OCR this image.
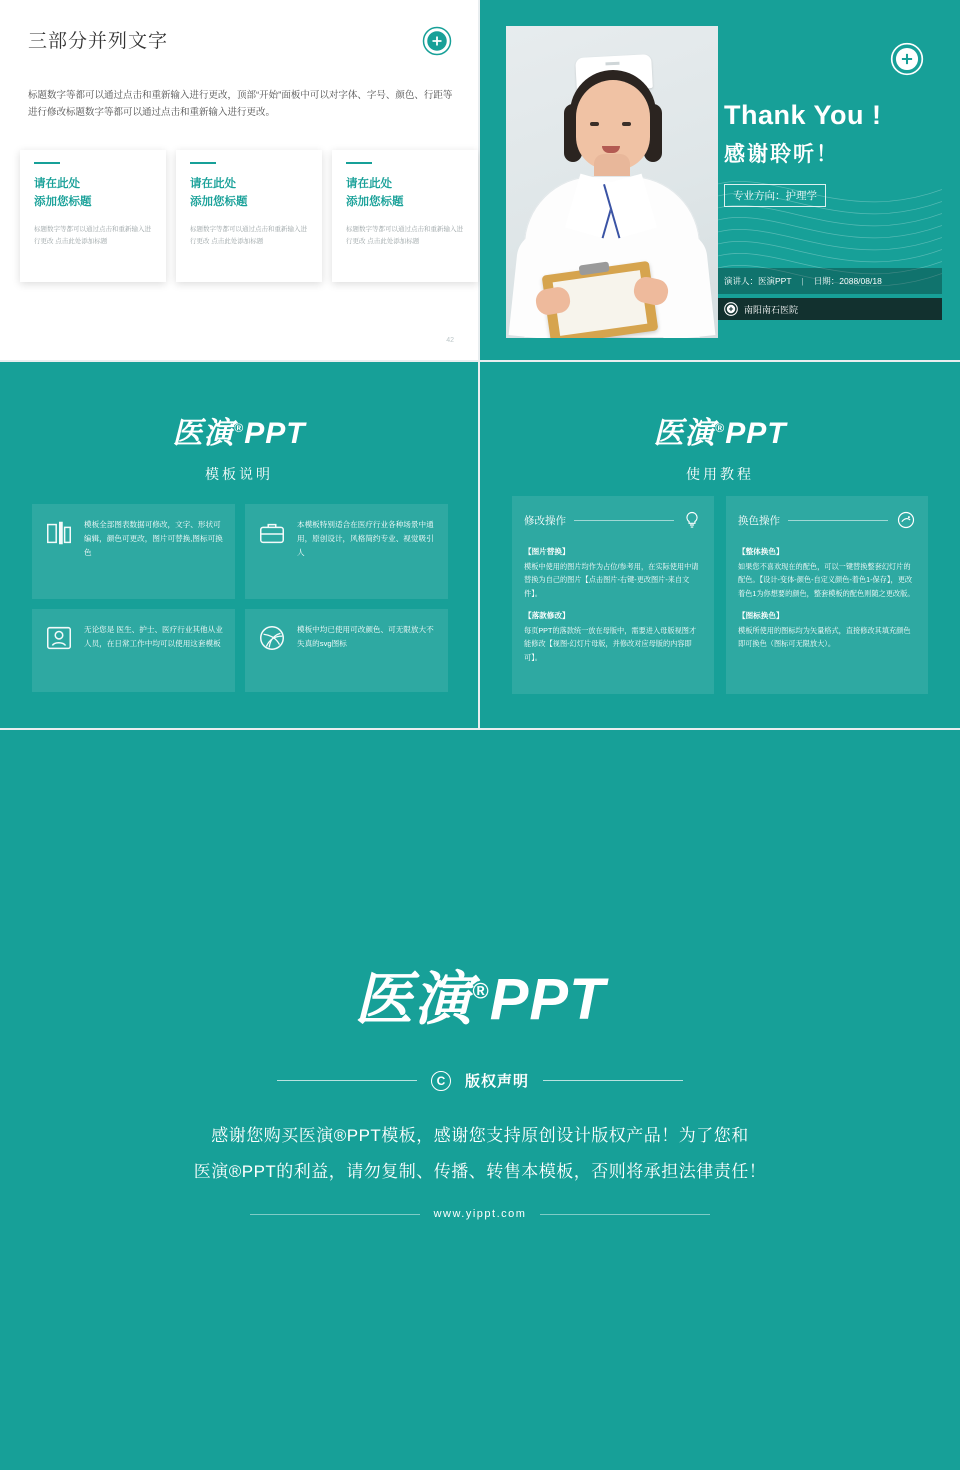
三部分并列文字
标题数字等都可以通过点击和重新输入进行更改，顶部“开始”面板中可以对字体、字号、颜色、行距等进行修改标题数字等都可以通过点击和重新输入进行更改。
请在此处
添加您标题

标题数字等都可以通过点击和重新输入进行更改 点击此处添加标题

请在此处
添加您标题

标题数字等都可以通过点击和重新输入进行更改 点击此处添加标题

请在此处
添加您标题

标题数字等都可以通过点击和重新输入进行更改 点击此处添加标题

42
Thank You !
感谢聆听！
专业方向：护理学
演讲人：医演PPT | 日期：2088/08/18
南阳南石医院
医演®PPT
模板说明

模板全部图表数据可修改，文字、形状可编辑，颜色可更改，图片可替换,图标可换色

本模板特别适合在医疗行业各种场景中通用，原创设计，风格简约专业、视觉吸引人

无论您是 医生、护士、医疗行业其他从业人员，在日常工作中均可以使用这套模板

模板中均已使用可改颜色、可无限放大不失真的svg图标

医演®PPT
使用教程
修改操作
【图片替换】

模板中使用的图片均作为占位/参考用，在实际使用中请替换为自己的图片【点击图片-右键-更改图片-来自文件】。

【落款修改】

每页PPT的落款统一放在母版中，需要进入母版视图才能修改【视图-幻灯片母版，并修改对应母版的内容即可】。

换色操作
【整体换色】

如果您不喜欢现在的配色，可以一键替换整套幻灯片的配色。【设计-变体-颜色-自定义颜色-着色1-保存】，更改着色1为你想要的颜色，整套模板的配色则随之更改版。

【图标换色】

模板所使用的图标均为矢量格式，直接修改其填充颜色即可换色（图标可无限放大）。

医演®PPT
C	版权声明
感谢您购买医演®PPT模板，感谢您支持原创设计版权产品！为了您和
医演®PPT的利益，请勿复制、传播、转售本模板，否则将承担法律责任！
www.yippt.com
